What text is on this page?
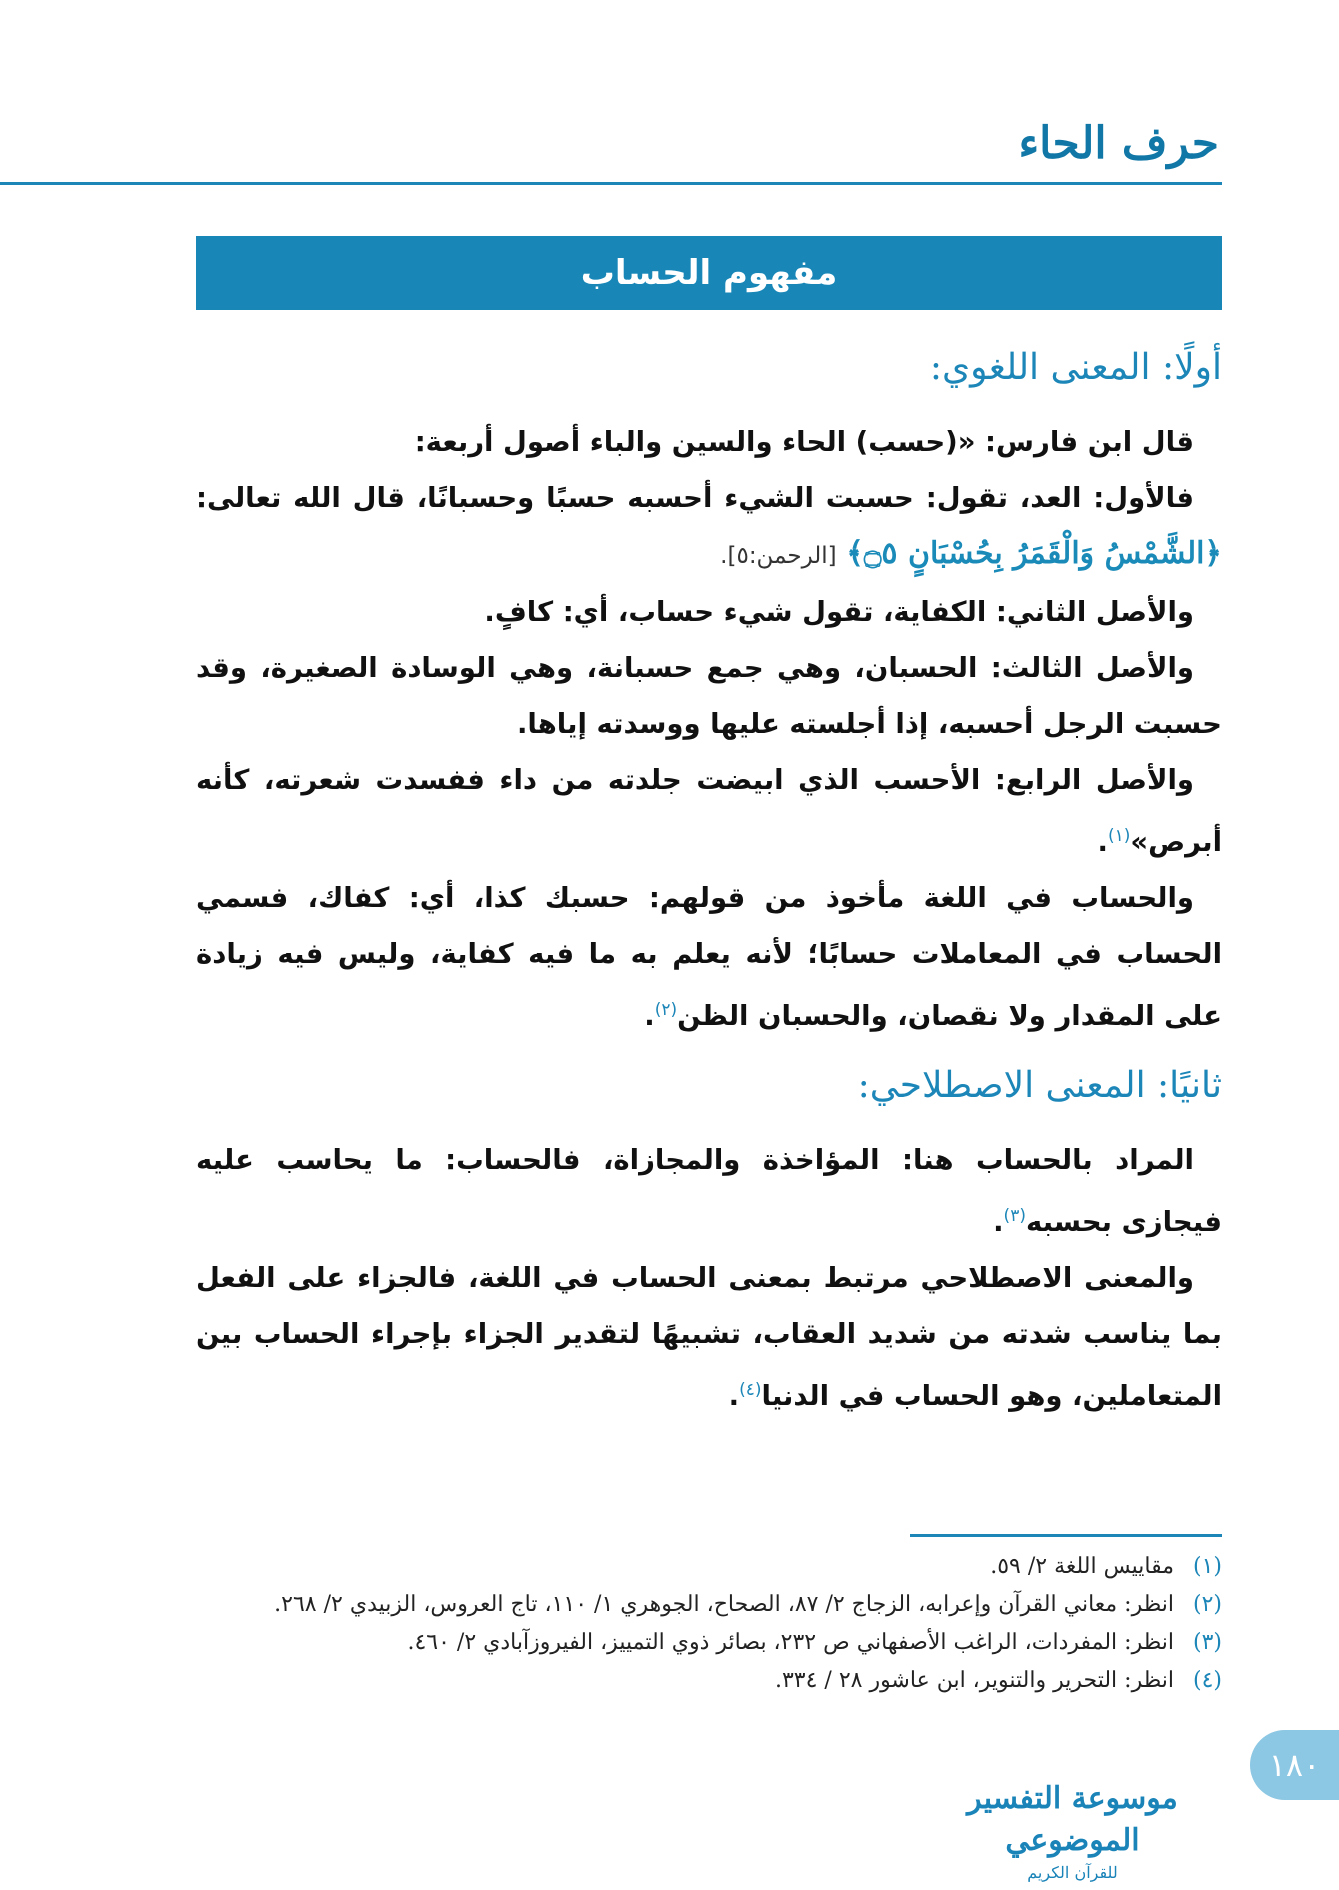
حرف الحاء
مفهوم الحساب
أولًا: المعنى اللغوي:

قال ابن فارس: «(حسب) الحاء والسين والباء أصول أربعة:

فالأول: العد، تقول: حسبت الشيء أحسبه حسبًا وحسبانًا، قال الله تعالى: ﴿الشَّمْسُ وَالْقَمَرُ بِحُسْبَانٍ ۝٥﴾ [الرحمن:٥].

والأصل الثاني: الكفاية، تقول شيء حساب، أي: كافٍ.

والأصل الثالث: الحسبان، وهي جمع حسبانة، وهي الوسادة الصغيرة، وقد حسبت الرجل أحسبه، إذا أجلسته عليها ووسدته إياها.

والأصل الرابع: الأحسب الذي ابيضت جلدته من داء ففسدت شعرته، كأنه أبرص»$^{(١)}$.

والحساب في اللغة مأخوذ من قولهم: حسبك كذا، أي: كفاك، فسمي الحساب في المعاملات حسابًا؛ لأنه يعلم به ما فيه كفاية، وليس فيه زيادة على المقدار ولا نقصان، والحسبان الظن$^{(٢)}$.

ثانيًا: المعنى الاصطلاحي:

المراد بالحساب هنا: المؤاخذة والمجازاة، فالحساب: ما يحاسب عليه فيجازى بحسبه$^{(٣)}$.

والمعنى الاصطلاحي مرتبط بمعنى الحساب في اللغة، فالجزاء على الفعل بما يناسب شدته من شديد العقاب، تشبيهًا لتقدير الجزاء بإجراء الحساب بين المتعاملين، وهو الحساب في الدنيا$^{(٤)}$.

(١)
مقاييس اللغة ٢/ ٥٩.
(٢)
انظر: معاني القرآن وإعرابه، الزجاج ٢/ ٨٧، الصحاح، الجوهري ١/ ١١٠، تاج العروس، الزبيدي ٢/ ٢٦٨.
(٣)
انظر: المفردات، الراغب الأصفهاني ص ٢٣٢، بصائر ذوي التمييز، الفيروزآبادي ٢/ ٤٦٠.
(٤)
انظر: التحرير والتنوير، ابن عاشور ٢٨ / ٣٣٤.
موسوعة التفسير الموضوعي
للقرآن الكريم
١٨٠
